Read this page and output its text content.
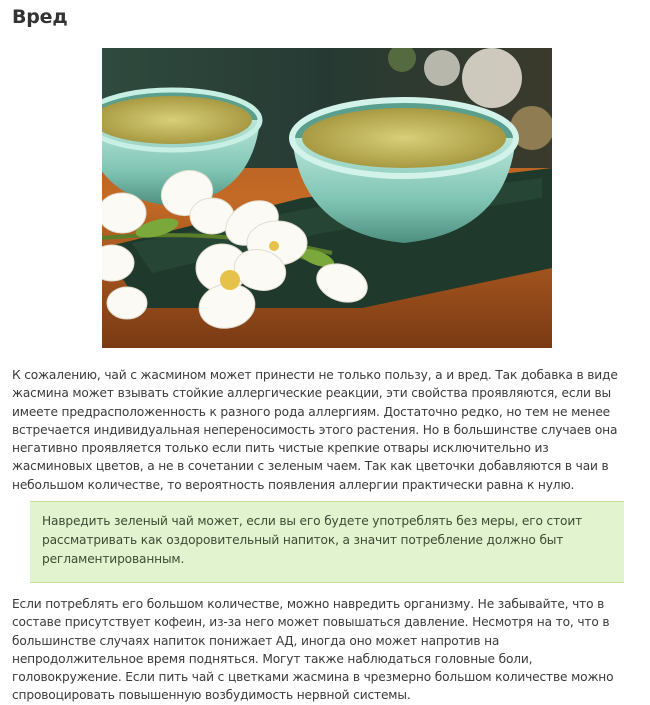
Вред

К сожалению, чай с жасмином может принести не только пользу, а и вред. Так добавка в виде жасмина может взывать стойкие аллергические реакции, эти свойства проявляются, если вы имеете предрасположенность к разного рода аллергиям. Достаточно редко, но тем не менее встречается индивидуальная непереносимость этого растения. Но в большинстве случаев она негативно проявляется только если пить чистые крепкие отвары исключительно из жасминовых цветов, а не в сочетании с зеленым чаем. Так как цветочки добавляются в чаи в небольшом количестве, то вероятность появления аллергии практически равна к нулю.

Навредить зеленый чай может, если вы его будете употреблять без меры, его стоит рассматривать как оздоровительный напиток, а значит потребление должно быт регламентированным.

Если потреблять его большом количестве, можно навредить организму. Не забывайте, что в составе присутствует кофеин, из-за него может повышаться давление. Несмотря на то, что в большинстве случаях напиток понижает АД, иногда оно может напротив на непродолжительное время подняться. Могут также наблюдаться головные боли, головокружение. Если пить чай с цветками жасмина в чрезмерно большом количестве можно спровоцировать повышенную возбудимость нервной системы.
